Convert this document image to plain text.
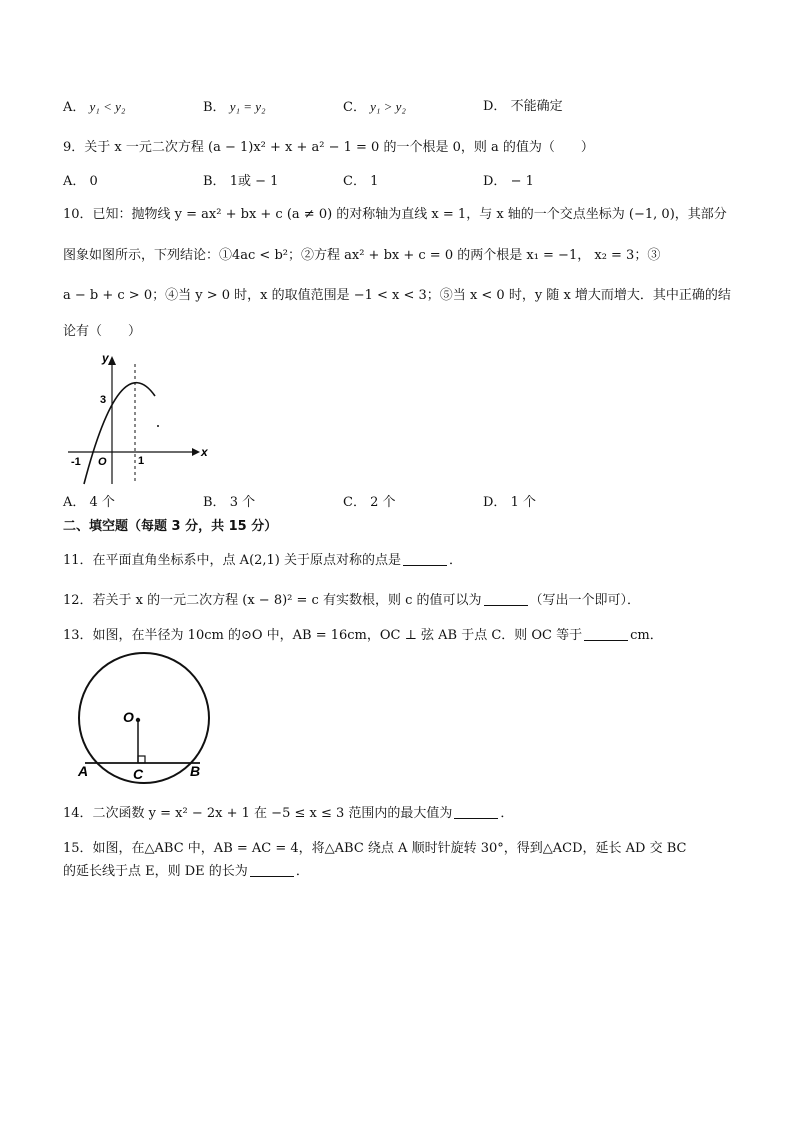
A． y₁ < y₂	B． y₁ = y₂	C． y₁ > y₂	D． 不能确定
9．关于 x 一元二次方程 (a − 1)x² + x + a² − 1 = 0 的一个根是 0，则 a 的值为（　　）
A． 0	B． 1或 − 1	C． 1	D． − 1
10．已知：抛物线 y = ax² + bx + c (a ≠ 0) 的对称轴为直线 x = 1，与 x 轴的一个交点坐标为 (−1, 0)，其部分
图象如图所示，下列结论：①4ac < b²；②方程 ax² + bx + c = 0 的两个根是 x₁ = −1， x₂ = 3；③
a − b + c > 0；④当 y > 0 时，x 的取值范围是 −1 < x < 3；⑤当 x < 0 时，y 随 x 增大而增大．其中正确的结
论有（　　）
y
x
3
-1 O	1
A． 4 个	B． 3 个	C． 2 个	D． 1 个
二、填空题（每题 3 分，共 15 分）
11．在平面直角坐标系中，点 A(2,1) 关于原点对称的点是	．
12．若关于 x 的一元二次方程 (x − 8)² = c 有实数根，则 c 的值可以为	（写出一个即可）．
13．如图，在半径为 10cm 的⊙O 中，AB = 16cm，OC ⊥ 弦 AB 于点 C．则 OC 等于	cm．
O
A	C	B
14．二次函数 y = x² − 2x + 1 在 −5 ≤ x ≤ 3 范围内的最大值为	．
15．如图，在△ABC 中，AB = AC = 4，将△ABC 绕点 A 顺时针旋转 30°，得到△ACD，延长 AD 交 BC
的延长线于点 E，则 DE 的长为	．
